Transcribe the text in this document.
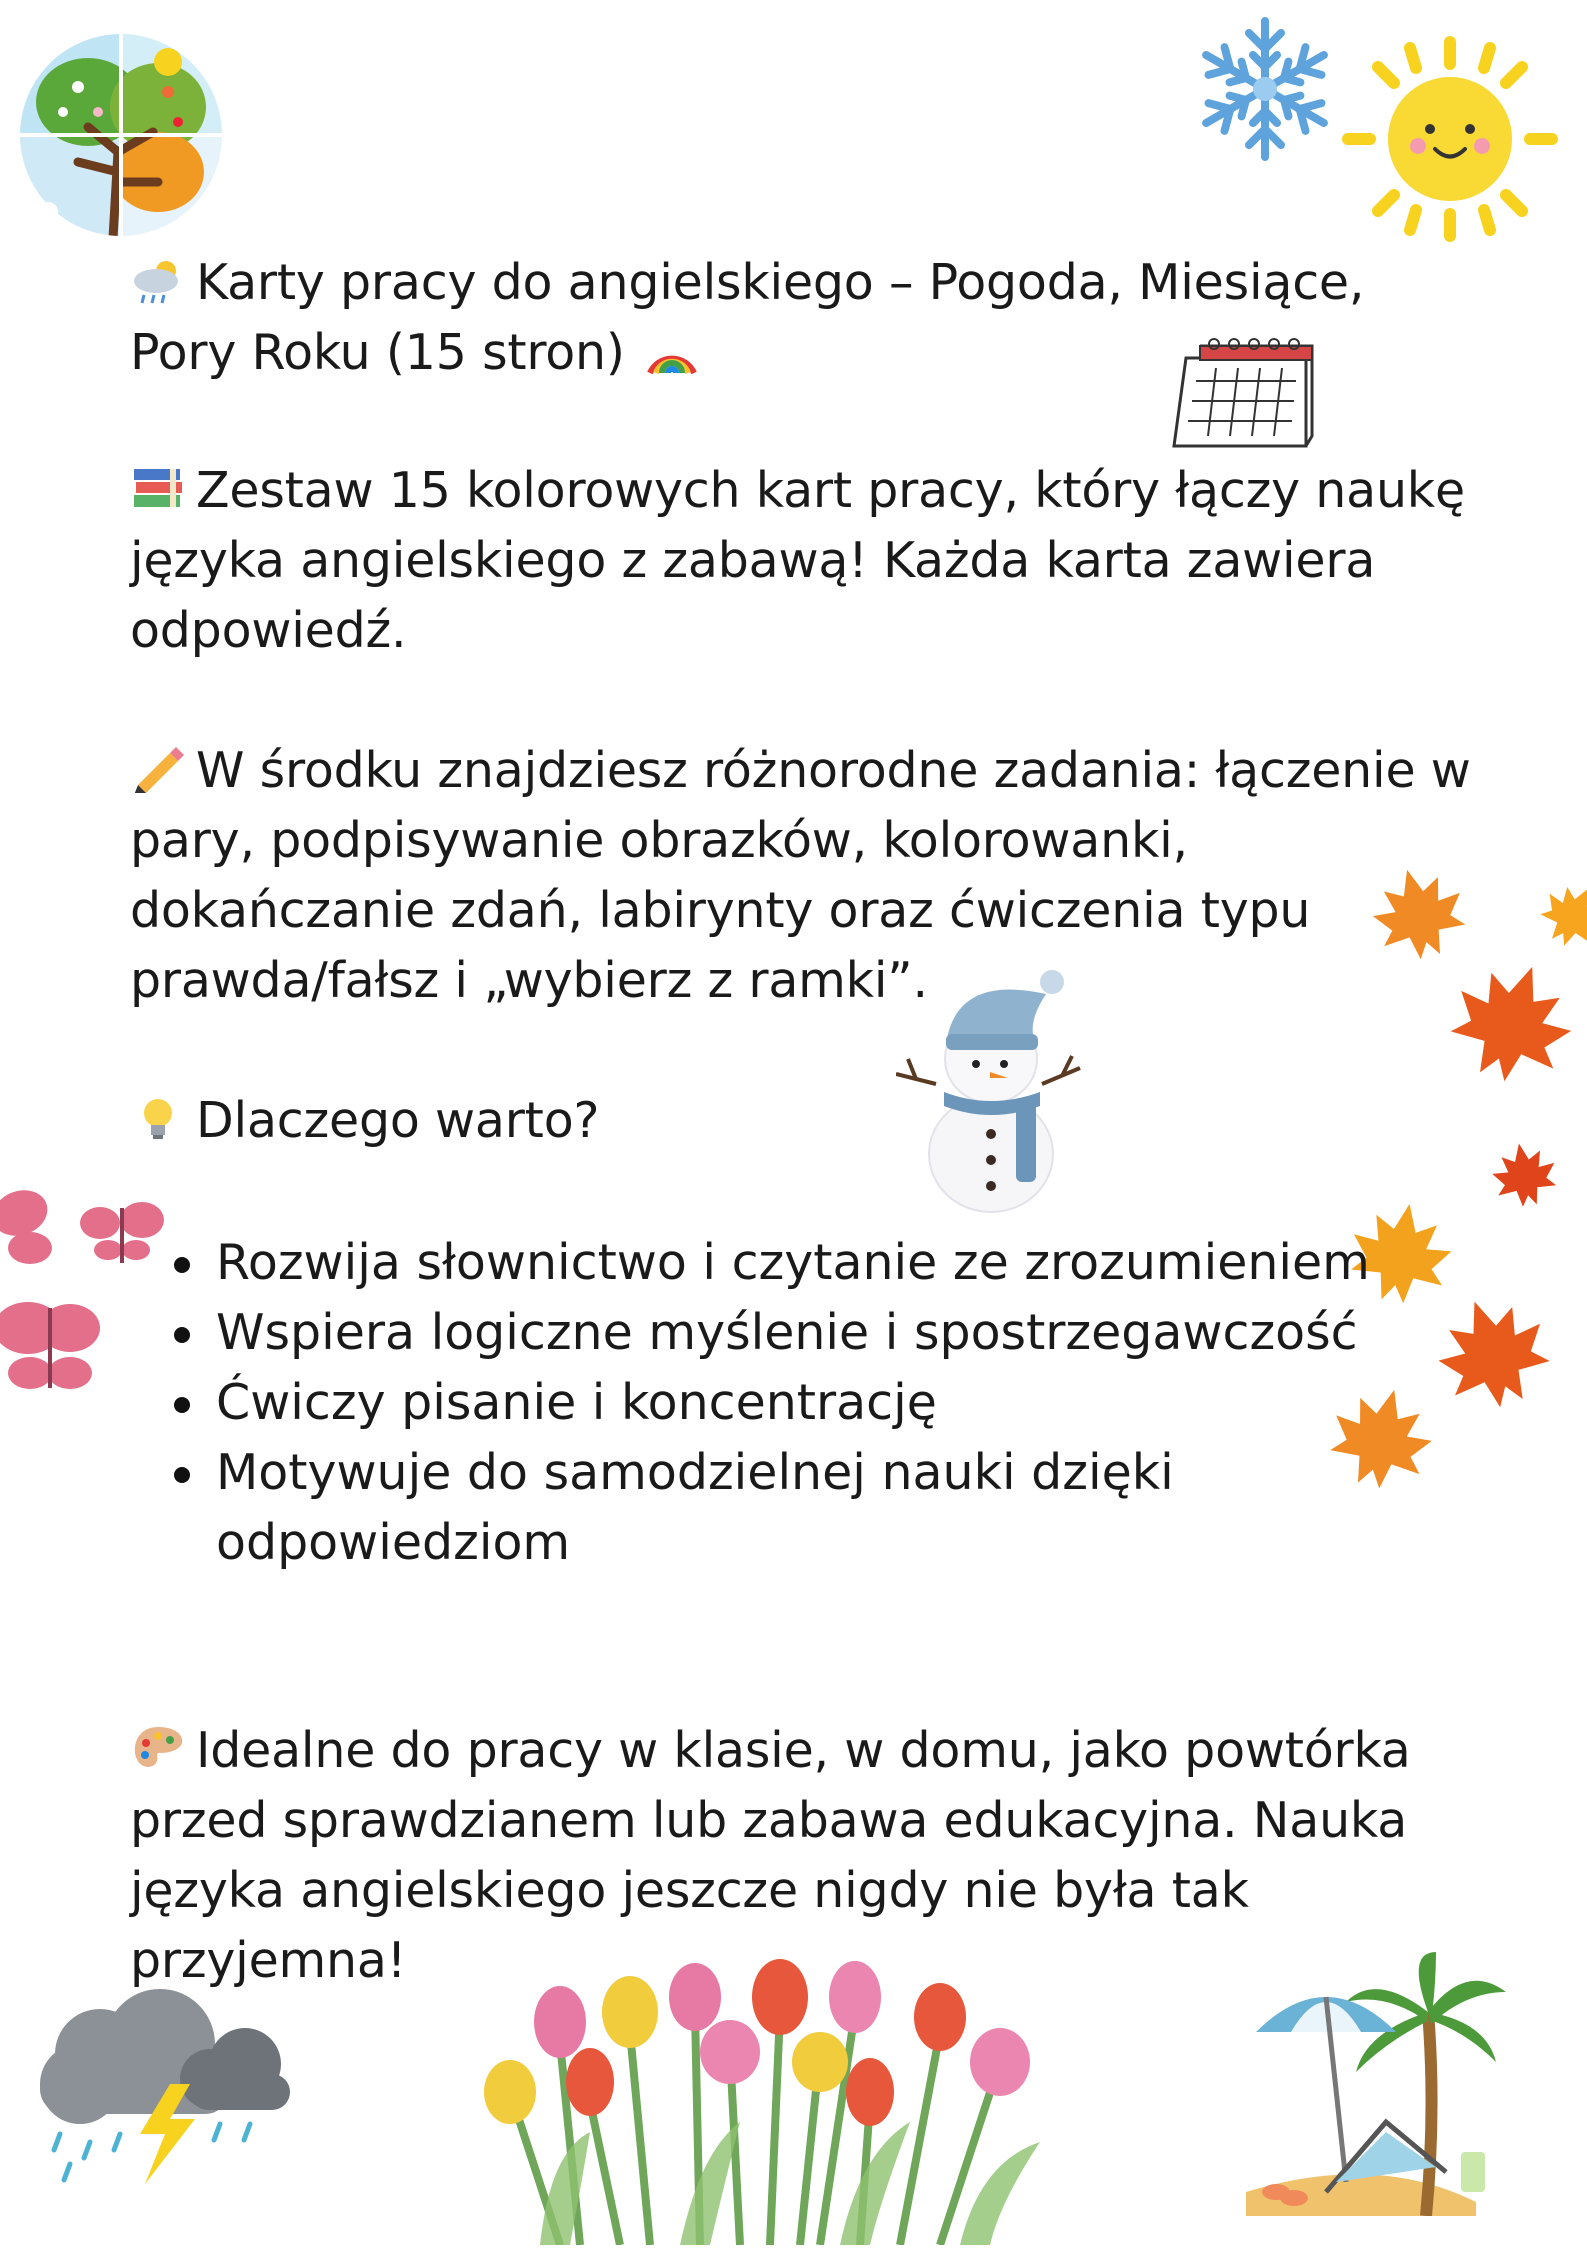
Karty pracy do angielskiego – Pogoda, Miesiące, Pory Roku (15 stron)
Zestaw 15 kolorowych kart pracy, który łączy naukę języka angielskiego z zabawą! Każda karta zawiera odpowiedź.
W środku znajdziesz różnorodne zadania: łączenie w pary, podpisywanie obrazków, kolorowanki, dokańczanie zdań, labirynty oraz ćwiczenia typu prawda/fałsz i „wybierz z ramki”.
Dlaczego warto?
Rozwija słownictwo i czytanie ze zrozumieniem
Wspiera logiczne myślenie i spostrzegawczość
Ćwiczy pisanie i koncentrację
Motywuje do samodzielnej nauki dzięki odpowiedziom
Idealne do pracy w klasie, w domu, jako powtórka przed sprawdzianem lub zabawa edukacyjna. Nauka języka angielskiego jeszcze nigdy nie była tak przyjemna!
